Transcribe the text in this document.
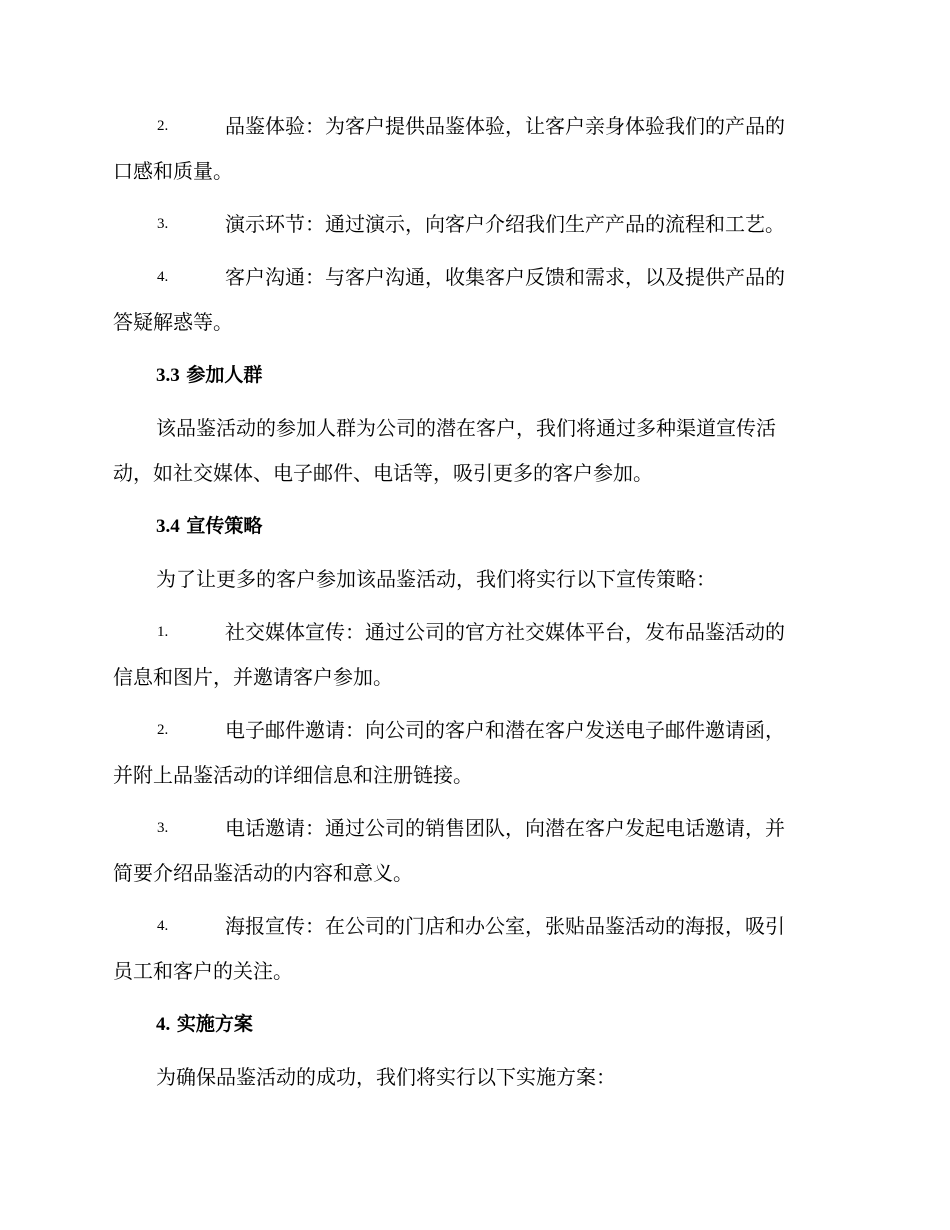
2.	品鉴体验：为客户提供品鉴体验，让客户亲身体验我们的产品的
口感和质量。
3.	演示环节：通过演示，向客户介绍我们生产产品的流程和工艺。
4.	客户沟通：与客户沟通，收集客户反馈和需求，以及提供产品的
答疑解惑等。
3.3 参加人群
该品鉴活动的参加人群为公司的潜在客户，我们将通过多种渠道宣传活
动，如社交媒体、电子邮件、电话等，吸引更多的客户参加。
3.4 宣传策略
为了让更多的客户参加该品鉴活动，我们将实行以下宣传策略：
1.	社交媒体宣传：通过公司的官方社交媒体平台，发布品鉴活动的
信息和图片，并邀请客户参加。
2.	电子邮件邀请：向公司的客户和潜在客户发送电子邮件邀请函，
并附上品鉴活动的详细信息和注册链接。
3.	电话邀请：通过公司的销售团队，向潜在客户发起电话邀请，并
简要介绍品鉴活动的内容和意义。
4.	海报宣传：在公司的门店和办公室，张贴品鉴活动的海报，吸引
员工和客户的关注。
4. 实施方案
为确保品鉴活动的成功，我们将实行以下实施方案：
